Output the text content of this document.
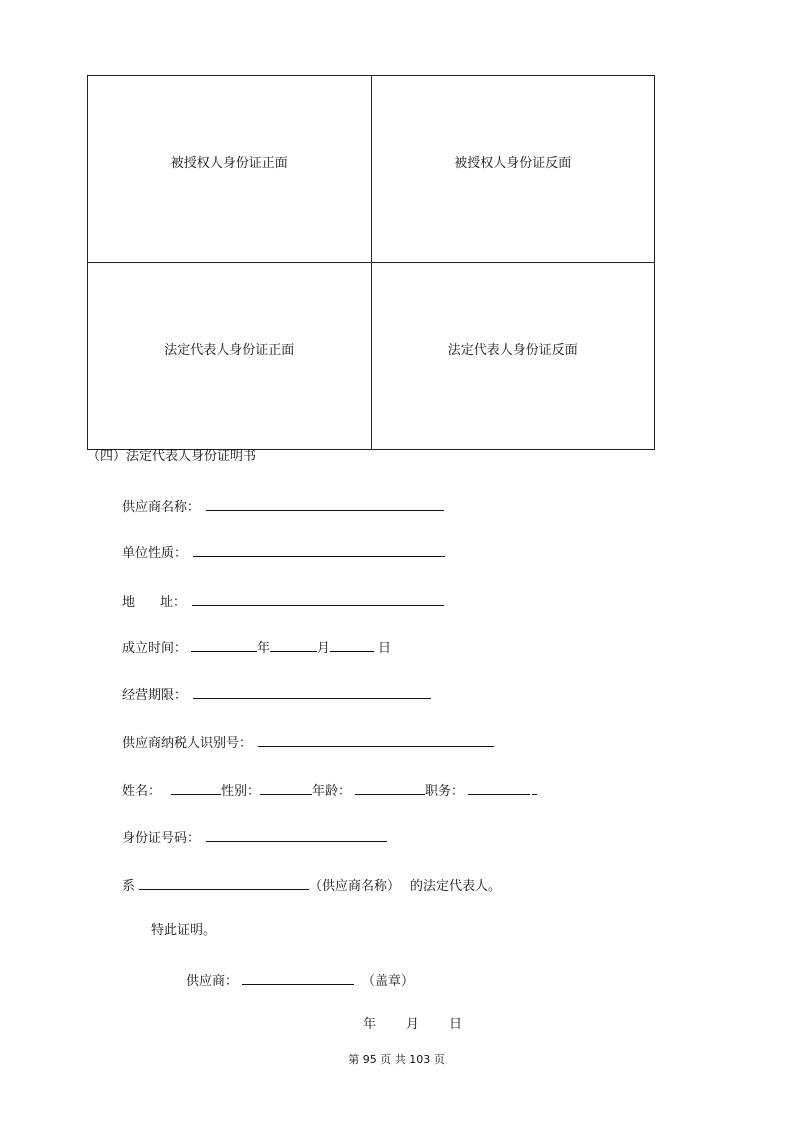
被授权人身份证正面	被授权人身份证反面
法定代表人身份证正面	法定代表人身份证反面
（四）法定代表人身份证明书
供应商名称：
单位性质：
地 址：
成立时间：	年	月	日
经营期限：
供应商纳税人识别号：
姓名：	性别：	年龄：	职务：
身份证号码：
系	（供应商名称） 的法定代表人。
特此证明。
供应商：	（盖章）
年 月 日
第 95 页 共 103 页
